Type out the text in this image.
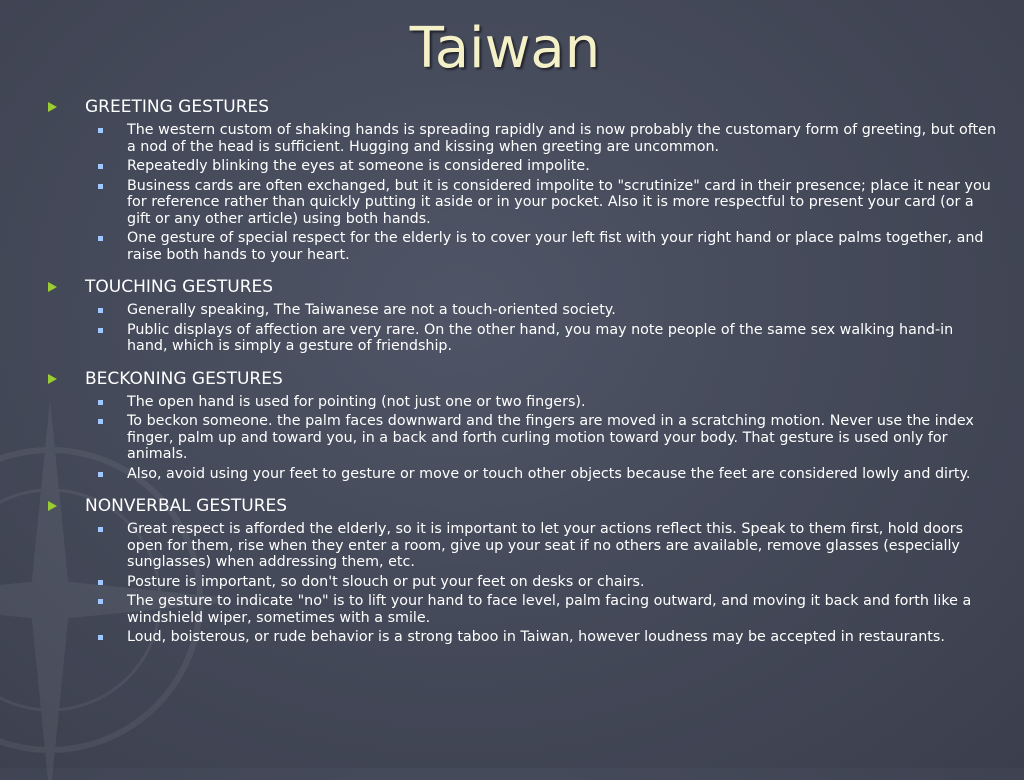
Taiwan
GREETING GESTURES
The western custom of shaking hands is spreading rapidly and is now probably the customary form of greeting, but often a nod of the head is sufficient. Hugging and kissing when greeting are uncommon.
Repeatedly blinking the eyes at someone is considered impolite.
Business cards are often exchanged, but it is considered impolite to "scrutinize" card in their presence; place it near you for reference rather than quickly putting it aside or in your pocket. Also it is more respectful to present your card (or a gift or any other article) using both hands.
One gesture of special respect for the elderly is to cover your left fist with your right hand or place palms together, and raise both hands to your heart.
TOUCHING GESTURES
Generally speaking, The Taiwanese are not a touch-oriented society.
Public displays of affection are very rare. On the other hand, you may note people of the same sex walking hand-in hand, which is simply a gesture of friendship.
BECKONING GESTURES
The open hand is used for pointing (not just one or two fingers).
To beckon someone. the palm faces downward and the fingers are moved in a scratching motion. Never use the index finger, palm up and toward you, in a back and forth curling motion toward your body. That gesture is used only for animals.
Also, avoid using your feet to gesture or move or touch other objects because the feet are considered lowly and dirty.
NONVERBAL GESTURES
Great respect is afforded the elderly, so it is important to let your actions reflect this. Speak to them first, hold doors open for them, rise when they enter a room, give up your seat if no others are available, remove glasses (especially sunglasses) when addressing them, etc.
Posture is important, so don't slouch or put your feet on desks or chairs.
The gesture to indicate "no" is to lift your hand to face level, palm facing outward, and moving it back and forth like a windshield wiper, sometimes with a smile.
Loud, boisterous, or rude behavior is a strong taboo in Taiwan, however loudness may be accepted in restaurants.
